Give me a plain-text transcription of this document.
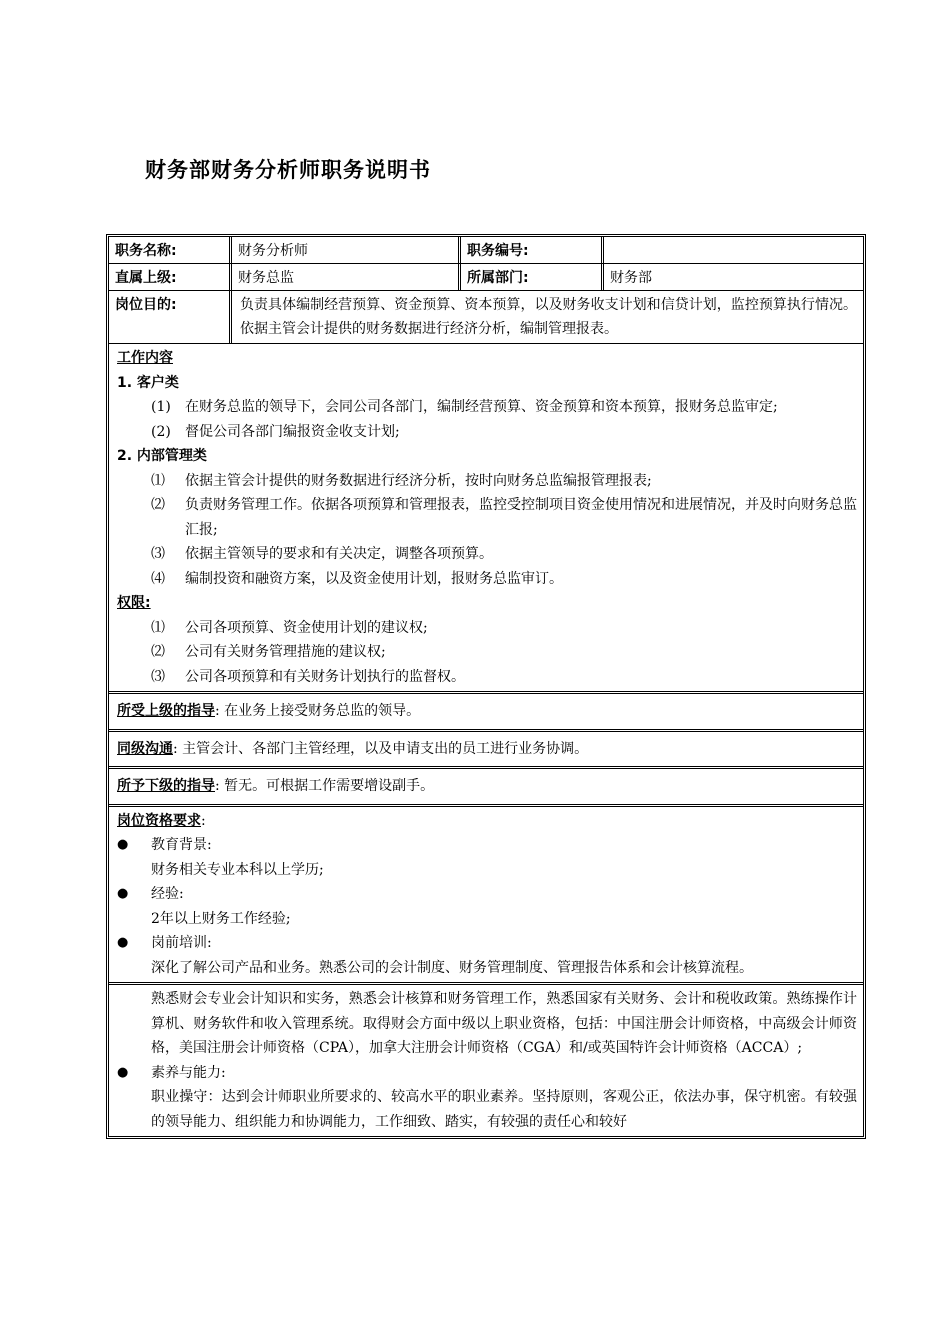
财务部财务分析师职务说明书
职务名称:	财务分析师	职务编号:
直属上级:	财务总监	所属部门:	财务部
岗位目的:	负责具体编制经营预算、资金预算、资本预算，以及财务收支计划和信贷计划，监控预算执行情况。依据主管会计提供的财务数据进行经济分析，编制管理报表。
工作内容
1. 客户类
(1)	在财务总监的领导下，会同公司各部门，编制经营预算、资金预算和资本预算，报财务总监审定;
(2)	督促公司各部门编报资金收支计划;
2. 内部管理类
⑴	依据主管会计提供的财务数据进行经济分析，按时向财务总监编报管理报表;
⑵	负责财务管理工作。依据各项预算和管理报表，监控受控制项目资金使用情况和进展情况，并及时向财务总监汇报;
⑶	依据主管领导的要求和有关决定，调整各项预算。
⑷	编制投资和融资方案，以及资金使用计划，报财务总监审订。
权限:
⑴	公司各项预算、资金使用计划的建议权;
⑵	公司有关财务管理措施的建议权;
⑶	公司各项预算和有关财务计划执行的监督权。
所受上级的指导: 在业务上接受财务总监的领导。
同级沟通: 主管会计、各部门主管经理，以及申请支出的员工进行业务协调。
所予下级的指导: 暂无。可根据工作需要增设副手。
岗位资格要求:
●	教育背景:
财务相关专业本科以上学历;
●	经验:
2年以上财务工作经验;
●	岗前培训:
深化了解公司产品和业务。熟悉公司的会计制度、财务管理制度、管理报告体系和会计核算流程。
熟悉财会专业会计知识和实务，熟悉会计核算和财务管理工作，熟悉国家有关财务、会计和税收政策。熟练操作计算机、财务软件和收入管理系统。取得财会方面中级以上职业资格，包括：中国注册会计师资格，中高级会计师资格，美国注册会计师资格（CPA），加拿大注册会计师资格（CGA）和/或英国特许会计师资格（ACCA）;
●	素养与能力:
职业操守：达到会计师职业所要求的、较高水平的职业素养。坚持原则，客观公正，依法办事，保守机密。有较强的领导能力、组织能力和协调能力，工作细致、踏实，有较强的责任心和较好
